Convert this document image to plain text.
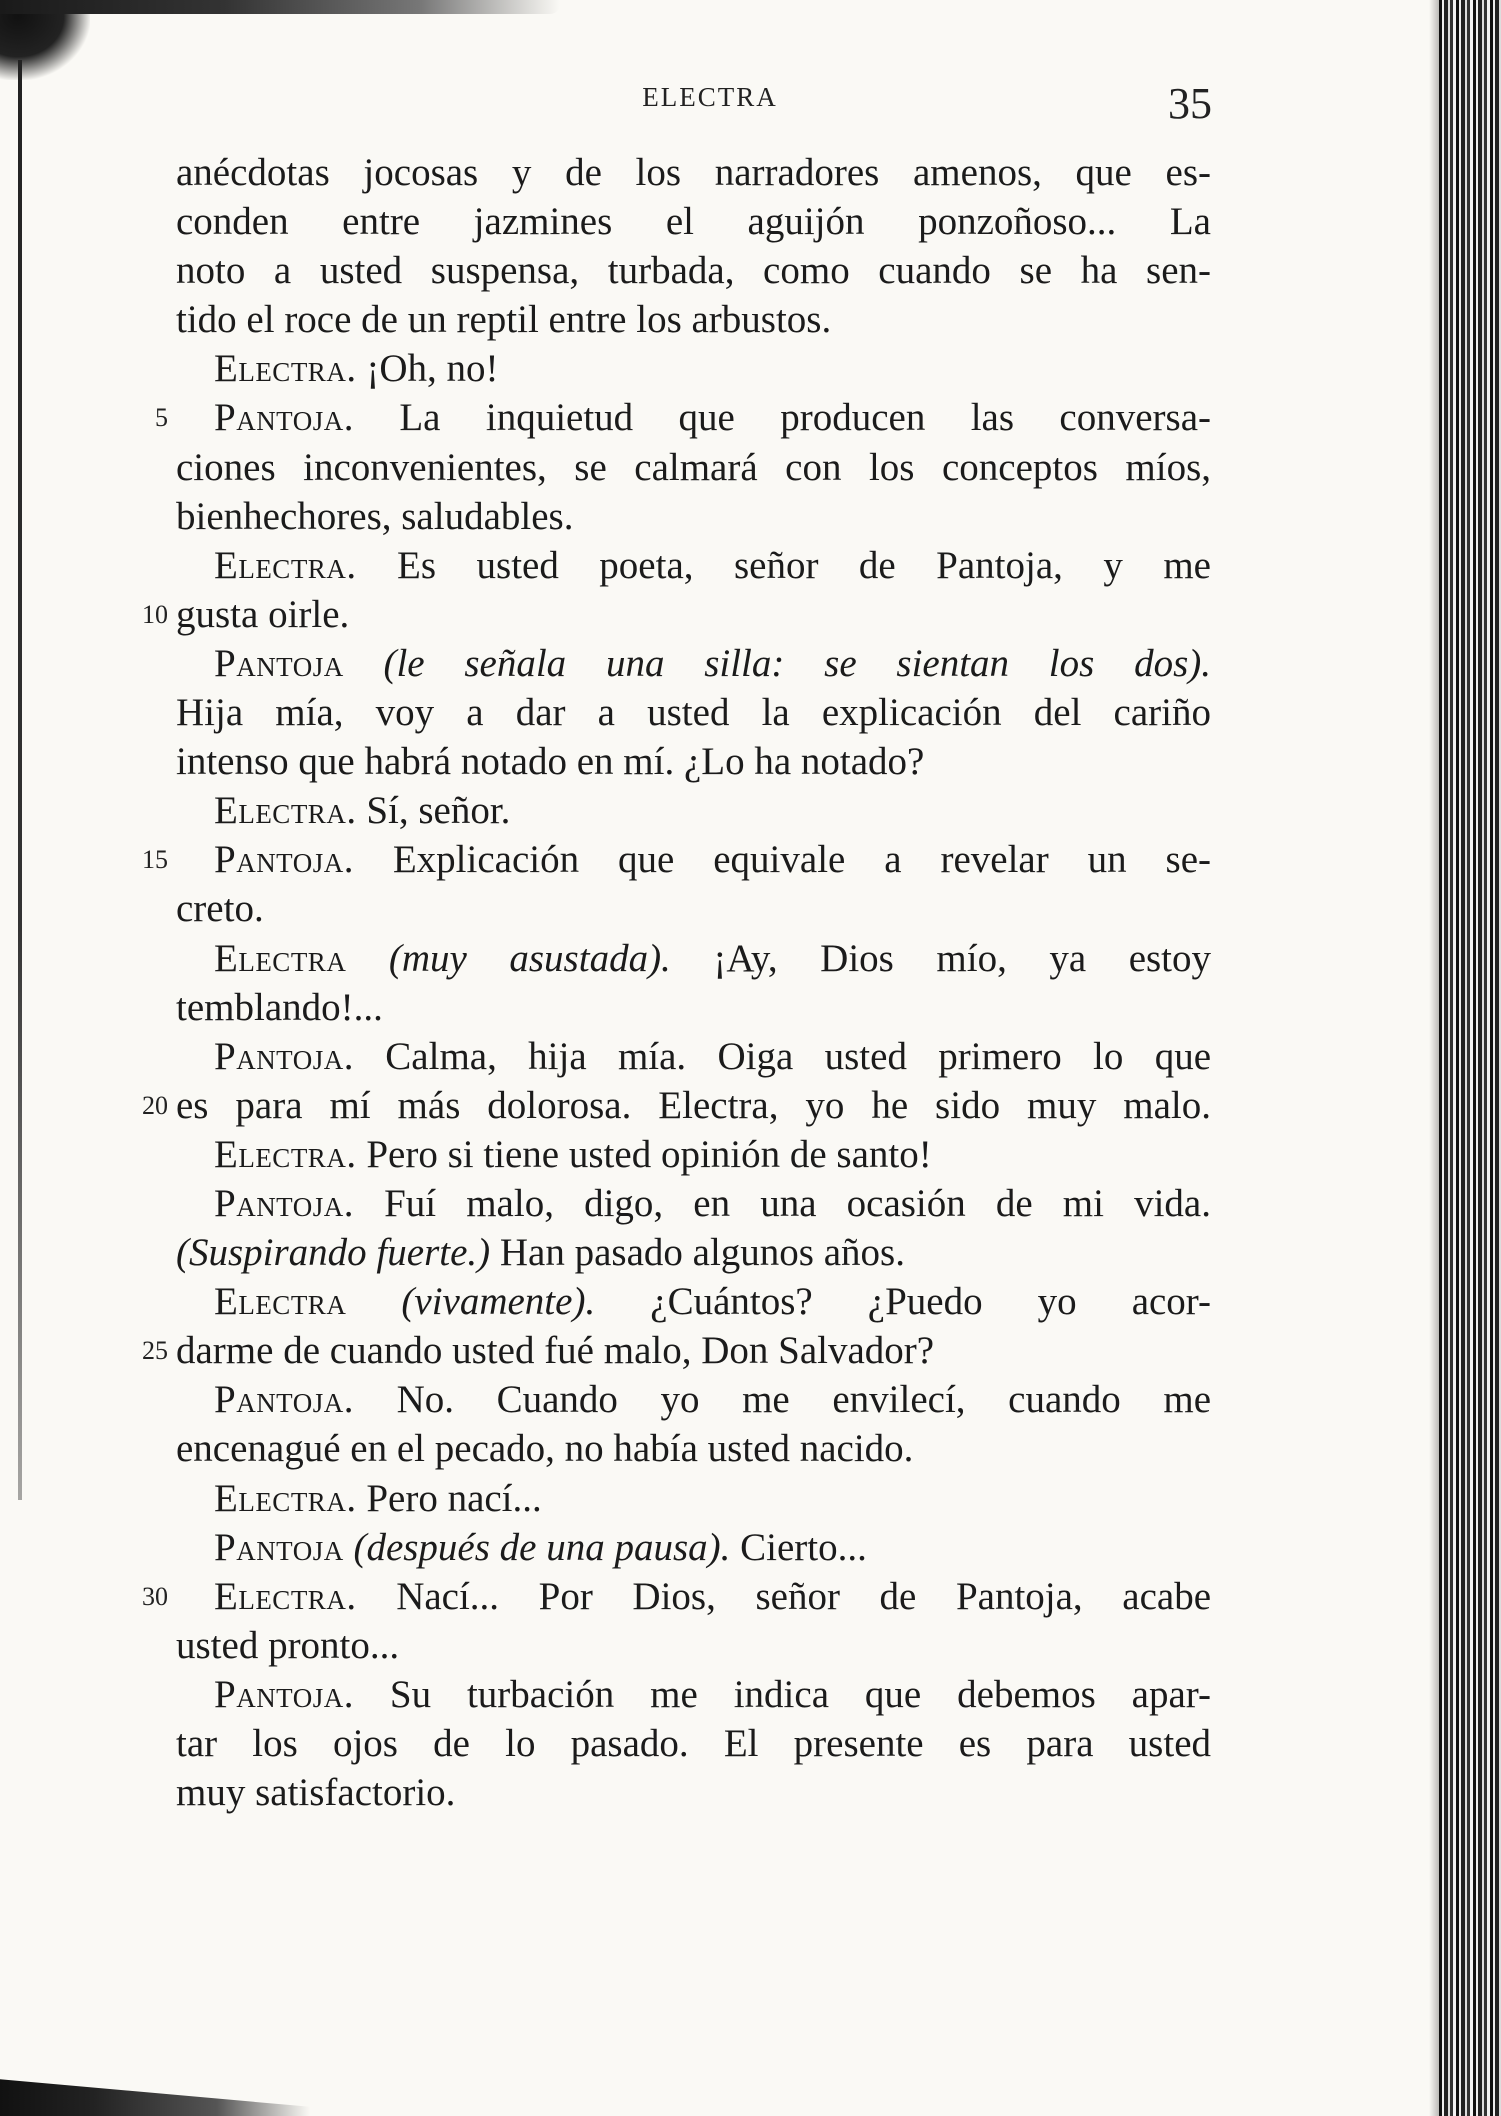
ELECTRA	35
anécdotas jocosas y de los narradores amenos, que es-
conden entre jazmines el aguijón ponzoñoso... La
noto a usted suspensa, turbada, como cuando se ha sen-
tido el roce de un reptil entre los arbustos.
Electra. ¡Oh, no!
5	Pantoja. La inquietud que producen las conversa-
ciones inconvenientes, se calmará con los conceptos míos,
bienhechores, saludables.
Electra. Es usted poeta, señor de Pantoja, y me
10 gusta oirle.
Pantoja (le señala una silla: se sientan los dos).
Hija mía, voy a dar a usted la explicación del cariño
intenso que habrá notado en mí. ¿Lo ha notado?
Electra. Sí, señor.
15	Pantoja. Explicación que equivale a revelar un se-
creto.
Electra (muy asustada). ¡Ay, Dios mío, ya estoy
temblando!...
Pantoja. Calma, hija mía. Oiga usted primero lo que
20 es para mí más dolorosa. Electra, yo he sido muy malo.
Electra. Pero si tiene usted opinión de santo!
Pantoja. Fuí malo, digo, en una ocasión de mi vida.
(Suspirando fuerte.) Han pasado algunos años.
Electra (vivamente). ¿Cuántos? ¿Puedo yo acor-
25 darme de cuando usted fué malo, Don Salvador?
Pantoja. No. Cuando yo me envilecí, cuando me
encenagué en el pecado, no había usted nacido.
Electra. Pero nací...
Pantoja (después de una pausa). Cierto...
30	Electra. Nací... Por Dios, señor de Pantoja, acabe
usted pronto...
Pantoja. Su turbación me indica que debemos apar-
tar los ojos de lo pasado. El presente es para usted
muy satisfactorio.
